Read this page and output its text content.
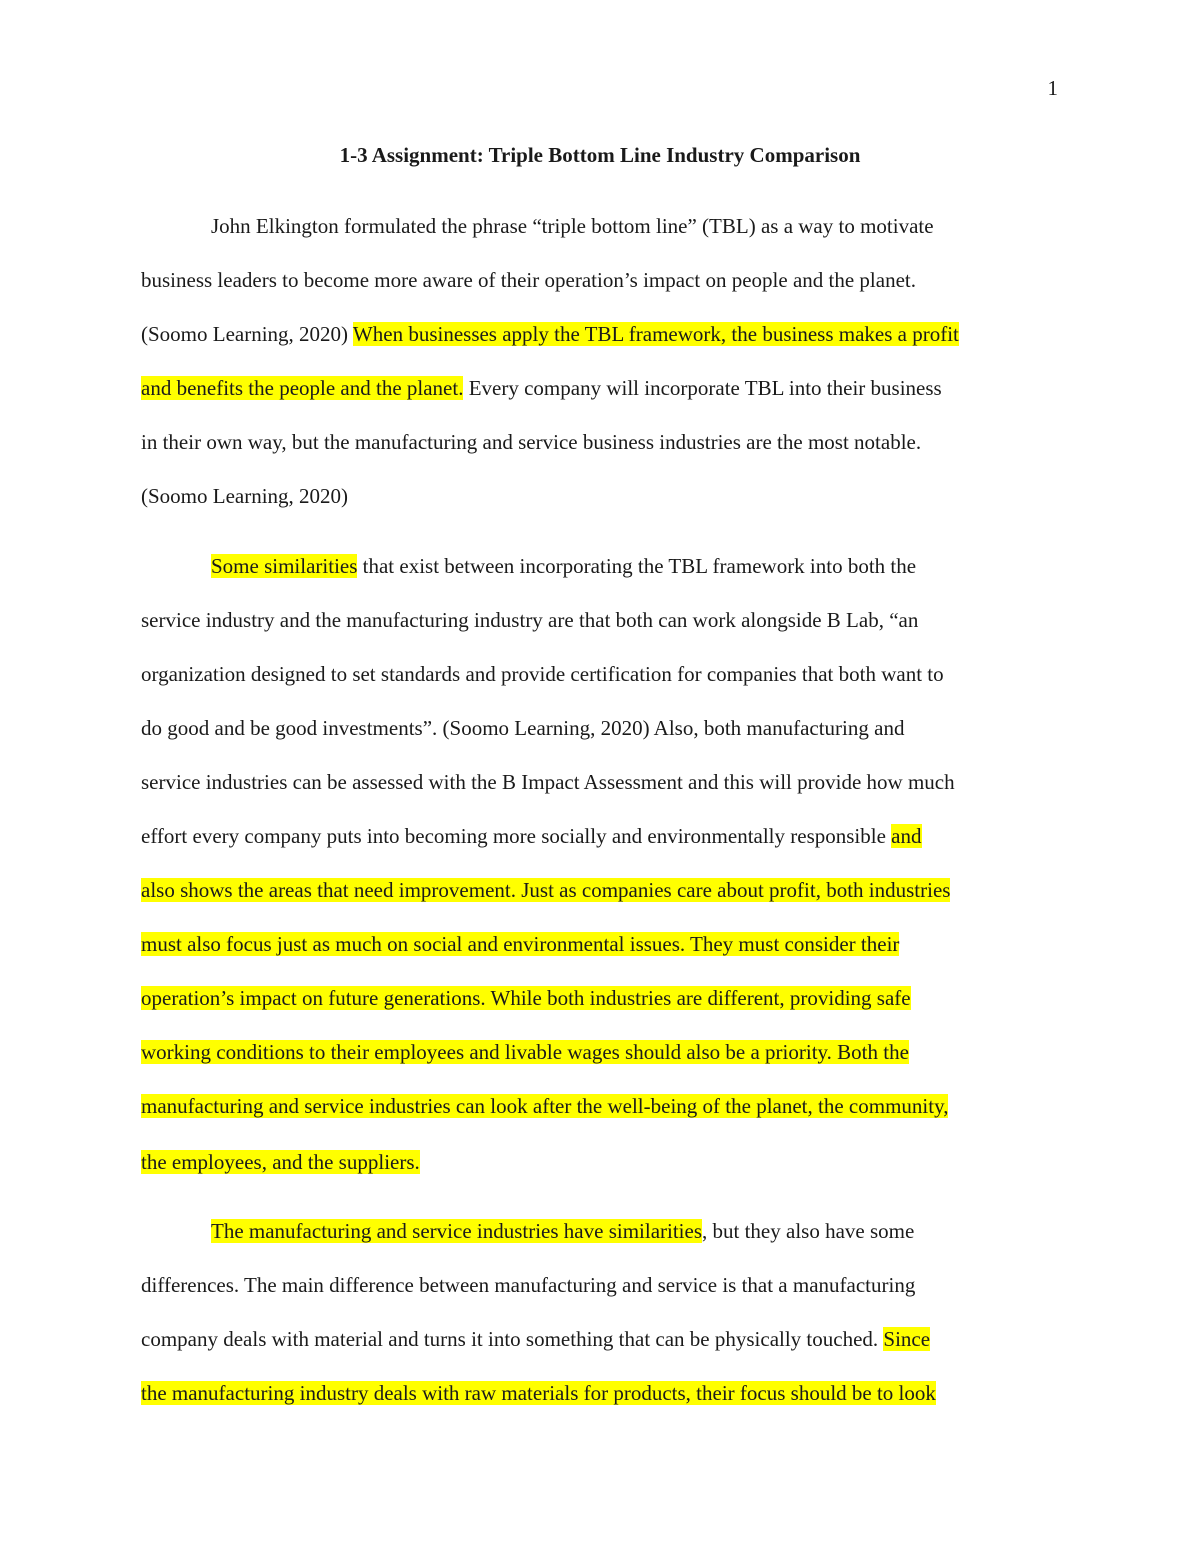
1
1-3 Assignment: Triple Bottom Line Industry Comparison
John Elkington formulated the phrase “triple bottom line” (TBL) as a way to motivate
business leaders to become more aware of their operation’s impact on people and the planet.
(Soomo Learning, 2020) When businesses apply the TBL framework, the business makes a profit
and benefits the people and the planet. Every company will incorporate TBL into their business
in their own way, but the manufacturing and service business industries are the most notable.
(Soomo Learning, 2020)
Some similarities that exist between incorporating the TBL framework into both the
service industry and the manufacturing industry are that both can work alongside B Lab, “an
organization designed to set standards and provide certification for companies that both want to
do good and be good investments”. (Soomo Learning, 2020) Also, both manufacturing and
service industries can be assessed with the B Impact Assessment and this will provide how much
effort every company puts into becoming more socially and environmentally responsible and
also shows the areas that need improvement. Just as companies care about profit, both industries
must also focus just as much on social and environmental issues. They must consider their
operation’s impact on future generations. While both industries are different, providing safe
working conditions to their employees and livable wages should also be a priority. Both the
manufacturing and service industries can look after the well-being of the planet, the community,
the employees, and the suppliers.
The manufacturing and service industries have similarities, but they also have some
differences. The main difference between manufacturing and service is that a manufacturing
company deals with material and turns it into something that can be physically touched. Since
the manufacturing industry deals with raw materials for products, their focus should be to look
